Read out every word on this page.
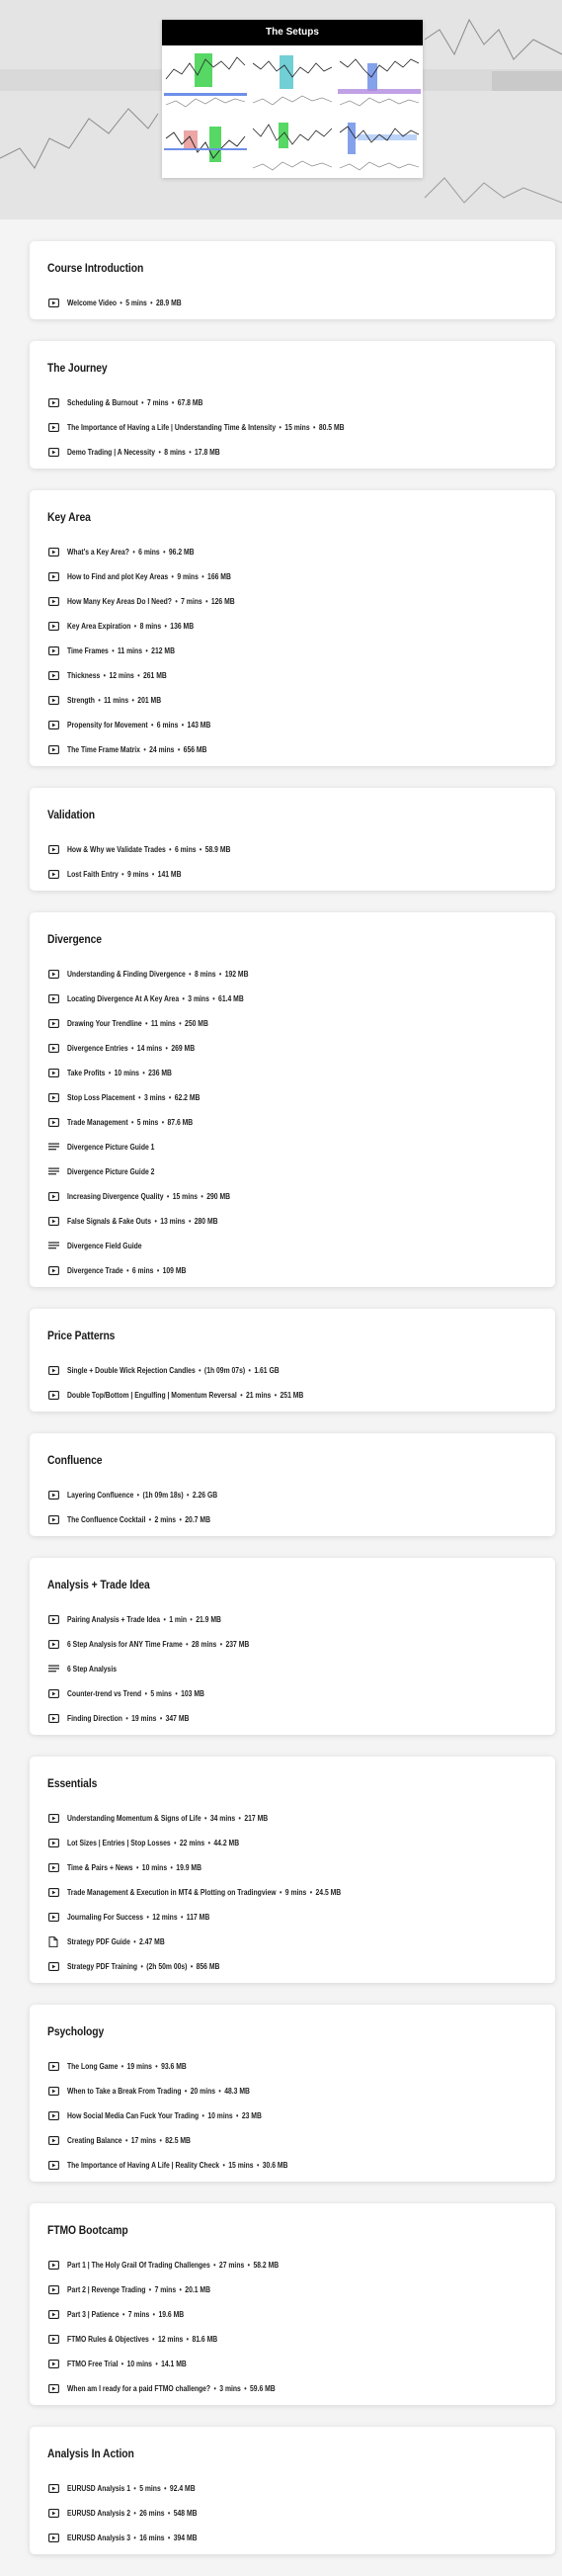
The Setups
Course Introduction
Welcome Video • 5 mins • 28.9 MB
The Journey
Scheduling & Burnout • 7 mins • 67.8 MB
The Importance of Having a Life | Understanding Time & Intensity • 15 mins • 80.5 MB
Demo Trading | A Necessity • 8 mins • 17.8 MB
Key Area
What's a Key Area? • 6 mins • 96.2 MB
How to Find and plot Key Areas • 9 mins • 166 MB
How Many Key Areas Do I Need? • 7 mins • 126 MB
Key Area Expiration • 8 mins • 136 MB
Time Frames • 11 mins • 212 MB
Thickness • 12 mins • 261 MB
Strength • 11 mins • 201 MB
Propensity for Movement • 6 mins • 143 MB
The Time Frame Matrix • 24 mins • 656 MB
Validation
How & Why we Validate Trades • 6 mins • 58.9 MB
Lost Faith Entry • 9 mins • 141 MB
Divergence
Understanding & Finding Divergence • 8 mins • 192 MB
Locating Divergence At A Key Area • 3 mins • 61.4 MB
Drawing Your Trendline • 11 mins • 250 MB
Divergence Entries • 14 mins • 269 MB
Take Profits • 10 mins • 236 MB
Stop Loss Placement • 3 mins • 62.2 MB
Trade Management • 5 mins • 87.6 MB
Divergence Picture Guide 1
Divergence Picture Guide 2
Increasing Divergence Quality • 15 mins • 290 MB
False Signals & Fake Outs • 13 mins • 280 MB
Divergence Field Guide
Divergence Trade • 6 mins • 109 MB
Price Patterns
Single + Double Wick Rejection Candles • (1h 09m 07s) • 1.61 GB
Double Top/Bottom | Engulfing | Momentum Reversal • 21 mins • 251 MB
Confluence
Layering Confluence • (1h 09m 18s) • 2.26 GB
The Confluence Cocktail • 2 mins • 20.7 MB
Analysis + Trade Idea
Pairing Analysis + Trade Idea • 1 min • 21.9 MB
6 Step Analysis for ANY Time Frame • 28 mins • 237 MB
6 Step Analysis
Counter-trend vs Trend • 5 mins • 103 MB
Finding Direction • 19 mins • 347 MB
Essentials
Understanding Momentum & Signs of Life • 34 mins • 217 MB
Lot Sizes | Entries | Stop Losses • 22 mins • 44.2 MB
Time & Pairs + News • 10 mins • 19.9 MB
Trade Management & Execution in MT4 & Plotting on Tradingview • 9 mins • 24.5 MB
Journaling For Success • 12 mins • 117 MB
Strategy PDF Guide • 2.47 MB
Strategy PDF Training • (2h 50m 00s) • 856 MB
Psychology
The Long Game • 19 mins • 93.6 MB
When to Take a Break From Trading • 20 mins • 48.3 MB
How Social Media Can Fuck Your Trading • 10 mins • 23 MB
Creating Balance • 17 mins • 82.5 MB
The Importance of Having A Life | Reality Check • 15 mins • 30.6 MB
FTMO Bootcamp
Part 1 | The Holy Grail Of Trading Challenges • 27 mins • 58.2 MB
Part 2 | Revenge Trading • 7 mins • 20.1 MB
Part 3 | Patience • 7 mins • 19.6 MB
FTMO Rules & Objectives • 12 mins • 81.6 MB
FTMO Free Trial • 10 mins • 14.1 MB
When am I ready for a paid FTMO challenge? • 3 mins • 59.6 MB
Analysis In Action
EURUSD Analysis 1 • 5 mins • 92.4 MB
EURUSD Analysis 2 • 26 mins • 548 MB
EURUSD Analysis 3 • 16 mins • 394 MB
